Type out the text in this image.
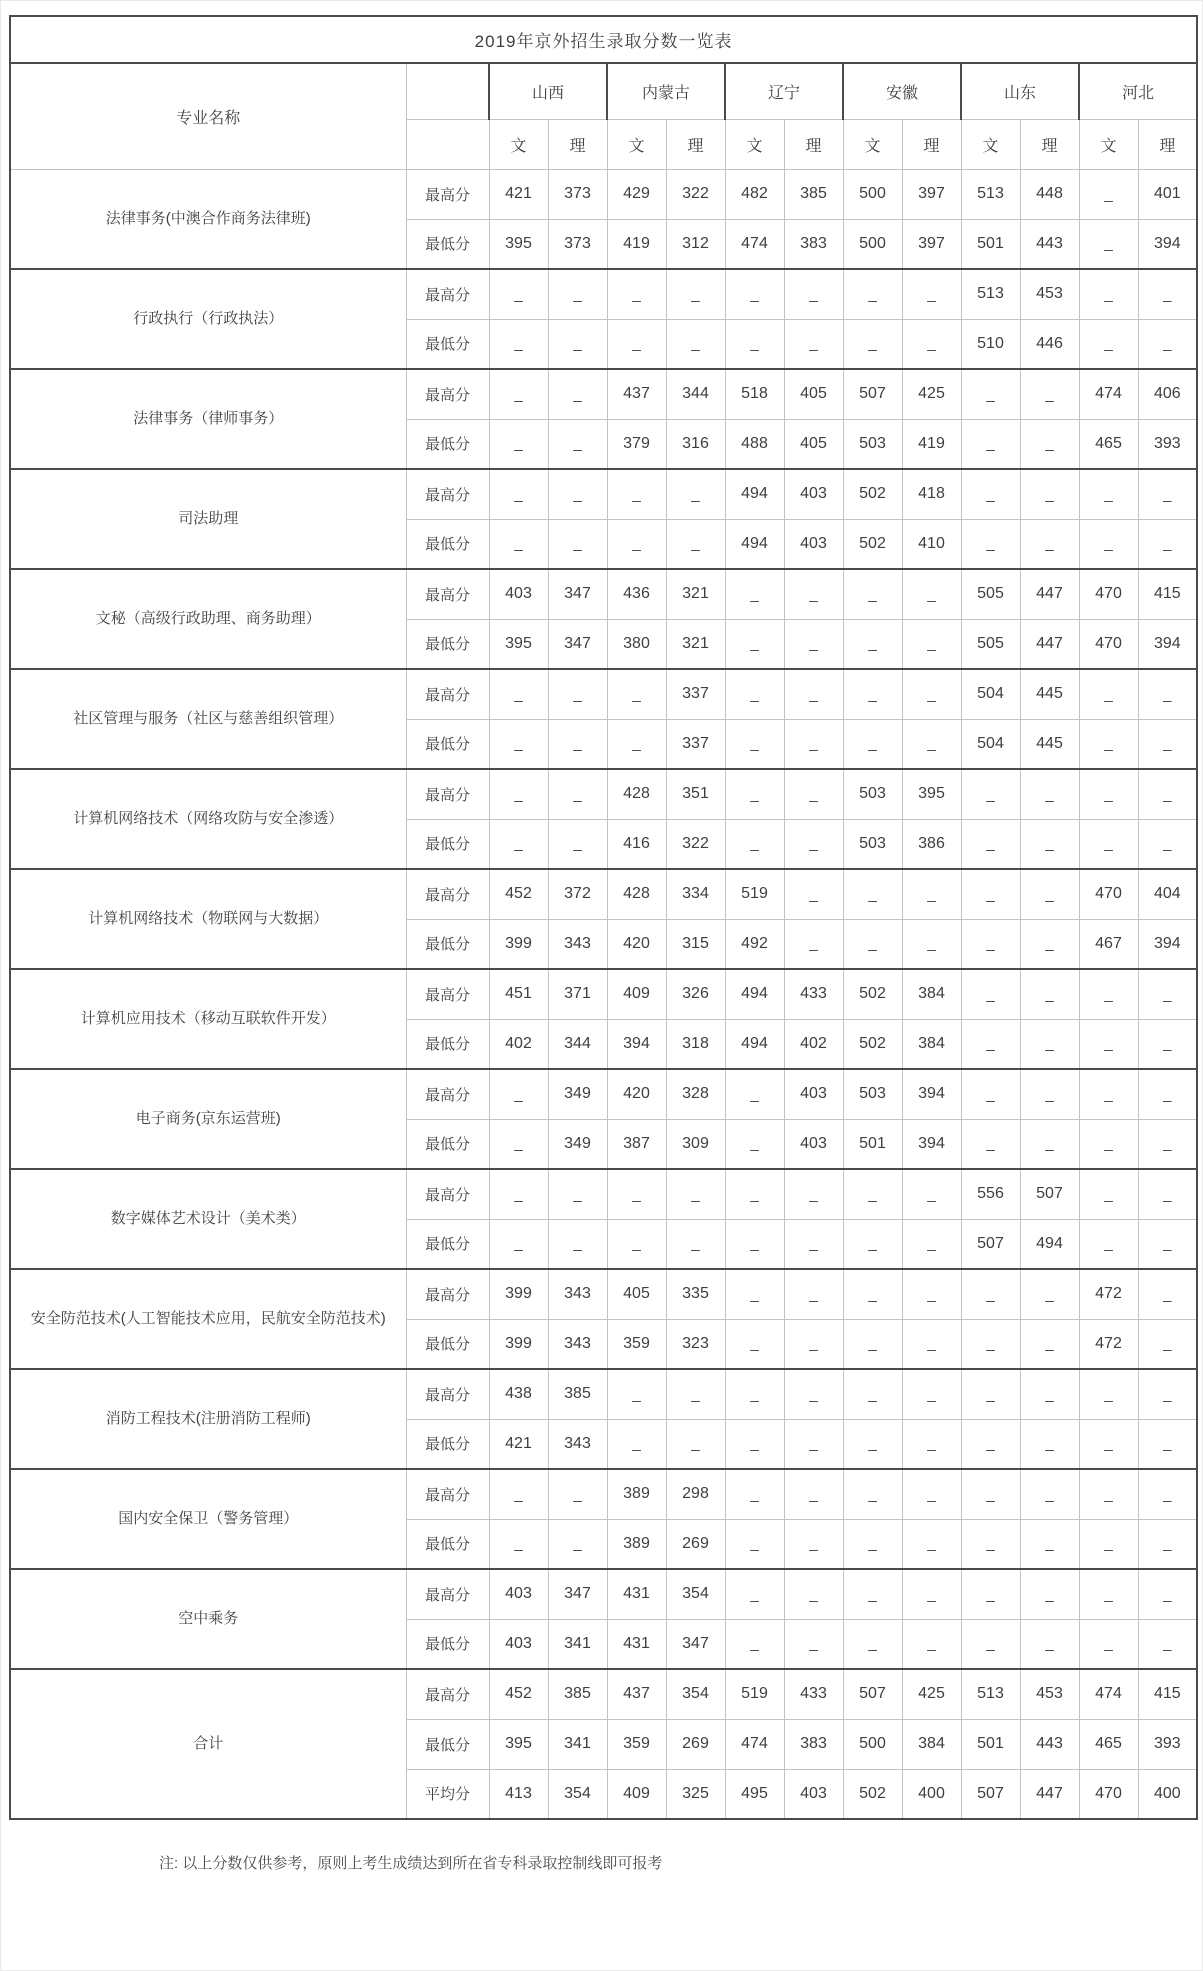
2019年京外招生录取分数一览表													
专业名称		山西		内蒙古		辽宁		安徽		山东		河北	
		文	理	文	理	文	理	文	理	文	理	文	理
法律事务(中澳合作商务法律班)	最高分	421	373	429	322	482	385	500	397	513	448	_	401
	最低分	395	373	419	312	474	383	500	397	501	443	_	394
行政执行（行政执法）	最高分	_	_	_	_	_	_	_	_	513	453	_	_
	最低分	_	_	_	_	_	_	_	_	510	446	_	_
法律事务（律师事务）	最高分	_	_	437	344	518	405	507	425	_	_	474	406
	最低分	_	_	379	316	488	405	503	419	_	_	465	393
司法助理	最高分	_	_	_	_	494	403	502	418	_	_	_	_
	最低分	_	_	_	_	494	403	502	410	_	_	_	_
文秘（高级行政助理、商务助理）	最高分	403	347	436	321	_	_	_	_	505	447	470	415
	最低分	395	347	380	321	_	_	_	_	505	447	470	394
社区管理与服务（社区与慈善组织管理）	最高分	_	_	_	337	_	_	_	_	504	445	_	_
	最低分	_	_	_	337	_	_	_	_	504	445	_	_
计算机网络技术（网络攻防与安全渗透）	最高分	_	_	428	351	_	_	503	395	_	_	_	_
	最低分	_	_	416	322	_	_	503	386	_	_	_	_
计算机网络技术（物联网与大数据）	最高分	452	372	428	334	519	_	_	_	_	_	470	404
	最低分	399	343	420	315	492	_	_	_	_	_	467	394
计算机应用技术（移动互联软件开发）	最高分	451	371	409	326	494	433	502	384	_	_	_	_
	最低分	402	344	394	318	494	402	502	384	_	_	_	_
电子商务(京东运营班)	最高分	_	349	420	328	_	403	503	394	_	_	_	_
	最低分	_	349	387	309	_	403	501	394	_	_	_	_
数字媒体艺术设计（美术类）	最高分	_	_	_	_	_	_	_	_	556	507	_	_
	最低分	_	_	_	_	_	_	_	_	507	494	_	_
安全防范技术(人工智能技术应用，民航安全防范技术)	最高分	399	343	405	335	_	_	_	_	_	_	472	_
	最低分	399	343	359	323	_	_	_	_	_	_	472	_
消防工程技术(注册消防工程师)	最高分	438	385	_	_	_	_	_	_	_	_	_	_
	最低分	421	343	_	_	_	_	_	_	_	_	_	_
国内安全保卫（警务管理）	最高分	_	_	389	298	_	_	_	_	_	_	_	_
	最低分	_	_	389	269	_	_	_	_	_	_	_	_
空中乘务	最高分	403	347	431	354	_	_	_	_	_	_	_	_
	最低分	403	341	431	347	_	_	_	_	_	_	_	_
合计	最高分	452	385	437	354	519	433	507	425	513	453	474	415
	最低分	395	341	359	269	474	383	500	384	501	443	465	393
	平均分	413	354	409	325	495	403	502	400	507	447	470	400
注: 以上分数仅供参考，原则上考生成绩达到所在省专科录取控制线即可报考
